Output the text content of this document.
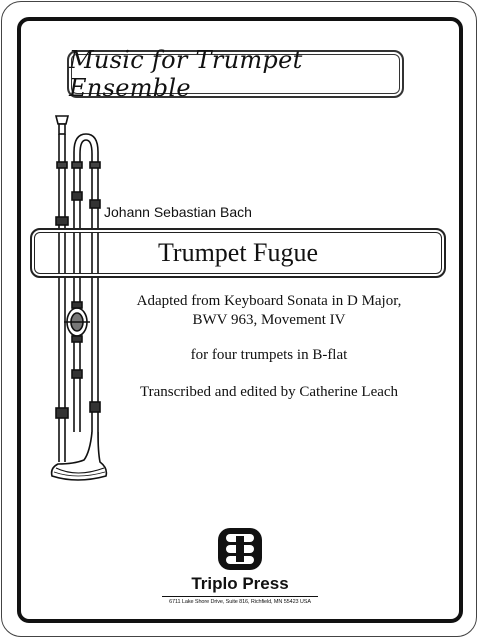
Music for Trumpet Ensemble
Johann Sebastian Bach
Trumpet Fugue
Adapted from Keyboard Sonata in D Major,
BWV 963, Movement IV
for four trumpets in B-flat
Transcribed and edited by Catherine Leach
Triplo Press
6711 Lake Shore Drive, Suite 816, Richfield, MN 55423 USA
